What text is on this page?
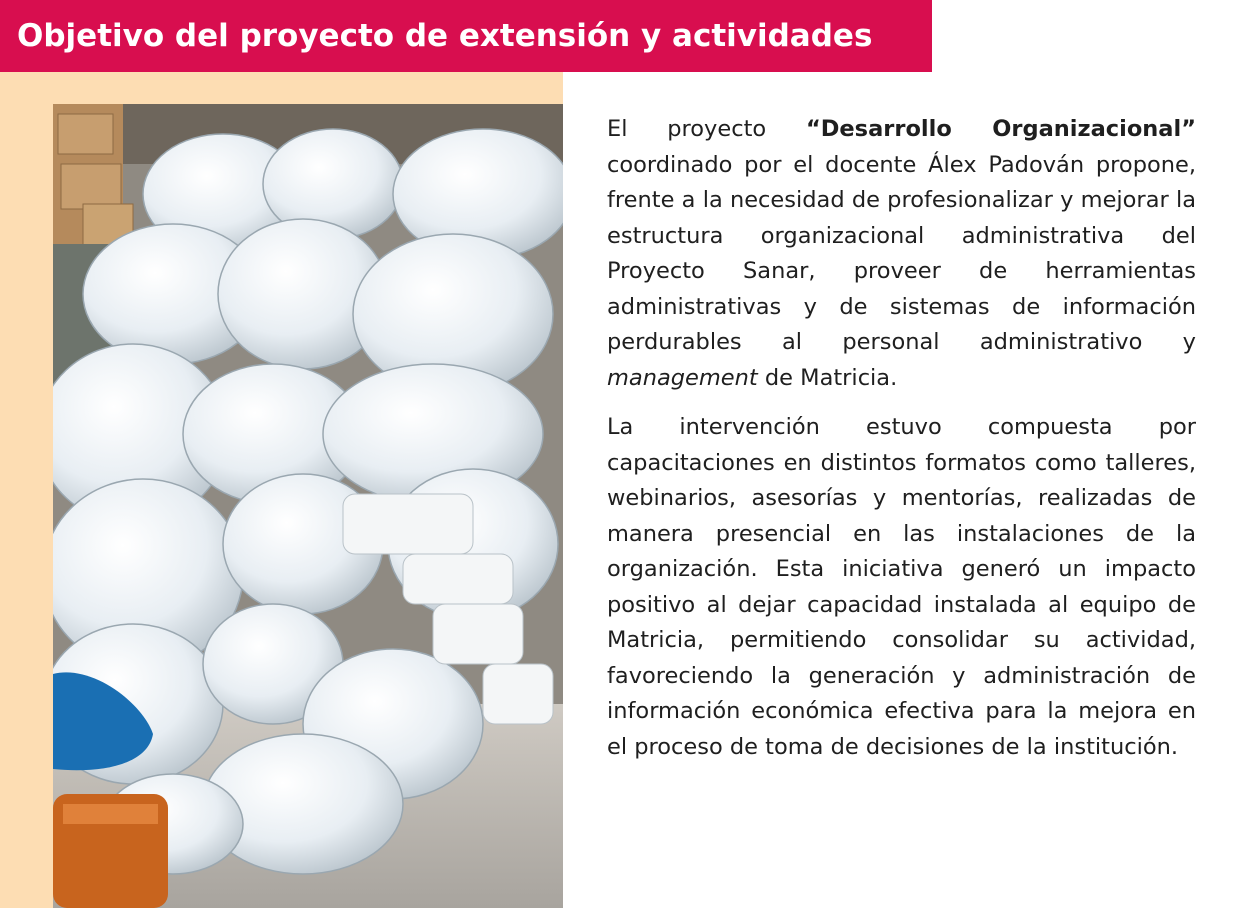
Objetivo del proyecto de extensión y actividades

El proyecto “Desarrollo Organizacional” coordinado por el docente Álex Padován propone, frente a la necesidad de profesionalizar y mejorar la estructura organizacional administrativa del Proyecto Sanar, proveer de herramientas administrativas y de sistemas de información perdurables al personal administrativo y management de Matricia.

La intervención estuvo compuesta por capacitaciones en distintos formatos como talleres, webinarios, asesorías y mentorías, realizadas de manera presencial en las instalaciones de la organización. Esta iniciativa generó un impacto positivo al dejar capacidad instalada al equipo de Matricia, permitiendo consolidar su actividad, favoreciendo la generación y administración de información económica efectiva para la mejora en el proceso de toma de decisiones de la institución.
